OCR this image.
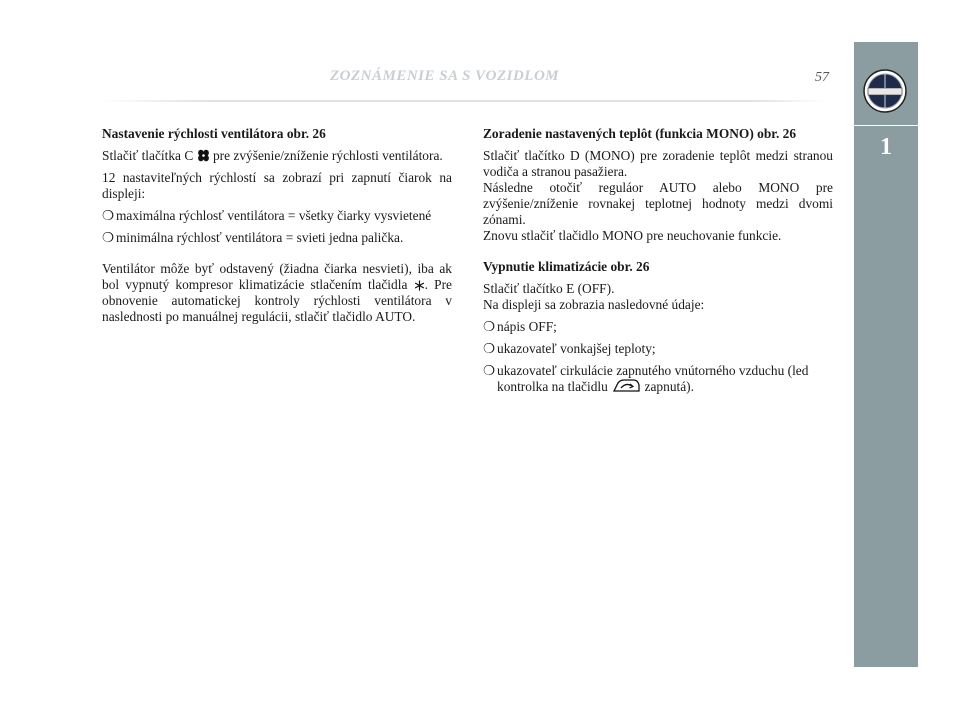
ZOZNÁMENIE SA S VOZIDLOM	57
1
Nastavenie rýchlosti ventilátora obr. 26

Stlačiť tlačítka C pre zvýšenie/zníženie rýchlosti ventilátora.

12 nastaviteľných rýchlostí sa zobrazí pri zapnutí čiarok na displeji:

❍ maximálna rýchlosť ventilátora = všetky čiarky vysvietené
❍ minimálna rýchlosť ventilátora = svieti jedna palička.

Ventilátor môže byť odstavený (žiadna čiarka nesvieti), iba ak bol vypnutý kompresor klimatizácie stlačením tlačidla . Pre obnovenie automatickej kontroly rýchlosti ventilátora v naslednosti po manuálnej regulácii, stlačiť tlačidlo AUTO.

Zoradenie nastavených teplôt (funkcia MONO) obr. 26

Stlačiť tlačítko D (MONO) pre zoradenie teplôt medzi stranou vodiča a stranou pasažiera.
Následne otočiť reguláor AUTO alebo MONO pre zvýšenie/zníženie rovnakej teplotnej hodnoty medzi dvomi zónami.
Znovu stlačiť tlačidlo MONO pre neuchovanie funkcie.

Vypnutie klimatizácie obr. 26

Stlačiť tlačítko E (OFF).
Na displeji sa zobrazia nasledovné údaje:

❍ nápis OFF;
❍ ukazovateľ vonkajšej teploty;
❍ ukazovateľ cirkulácie zapnutého vnútorného vzduchu (led kontrolka na tlačidlu	zapnutá).
